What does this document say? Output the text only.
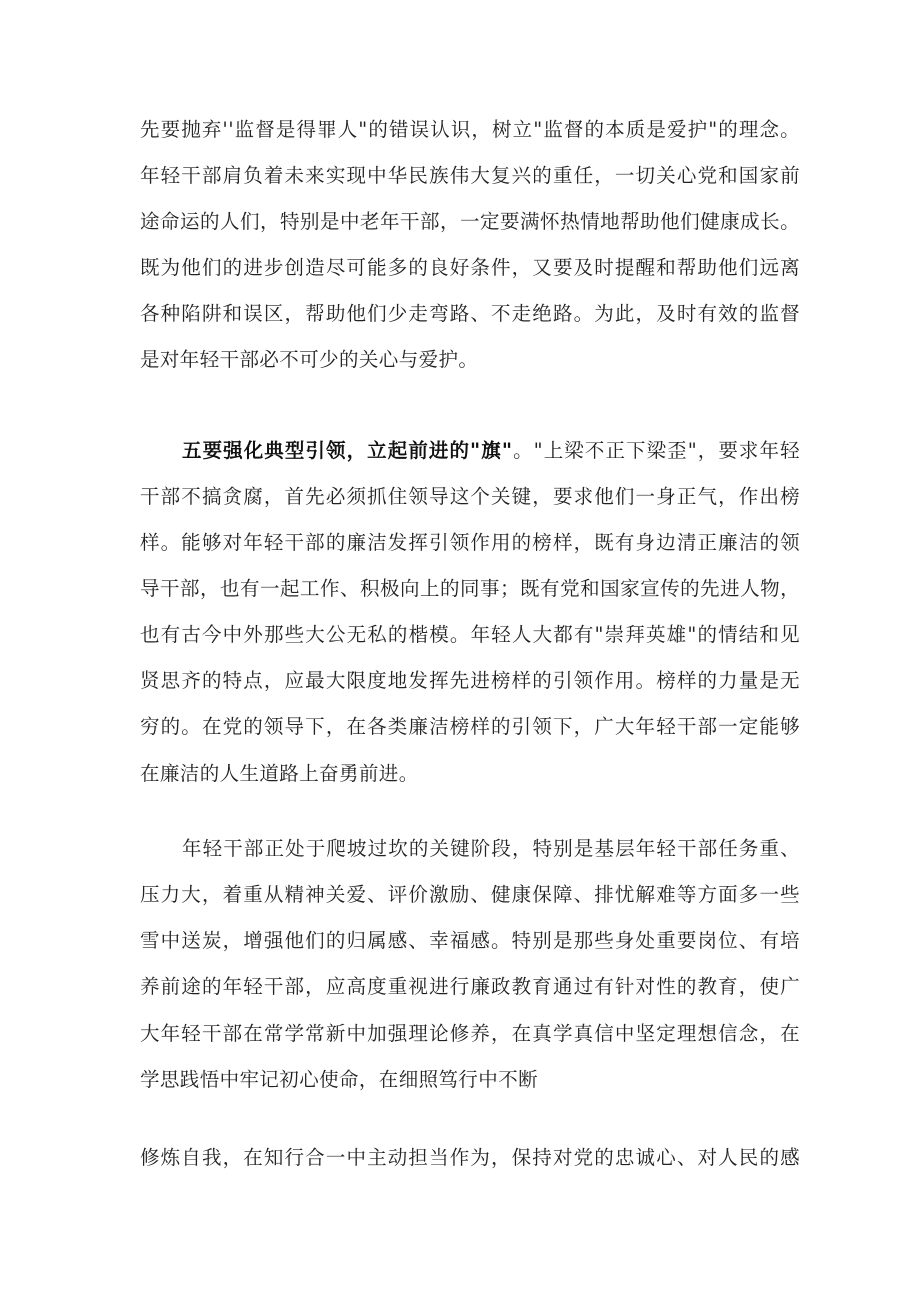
先要抛弃''监督是得罪人"的错误认识，树立"监督的本质是爱护"的理念。
年轻干部肩负着未来实现中华民族伟大复兴的重任，一切关心党和国家前
途命运的人们，特别是中老年干部，一定要满怀热情地帮助他们健康成长。
既为他们的进步创造尽可能多的良好条件，又要及时提醒和帮助他们远离
各种陷阱和误区，帮助他们少走弯路、不走绝路。为此，及时有效的监督
是对年轻干部必不可少的关心与爱护。
五要强化典型引领，立起前进的"旗"。"上梁不正下梁歪"，要求年轻
干部不搞贪腐，首先必须抓住领导这个关键，要求他们一身正气，作出榜
样。能够对年轻干部的廉洁发挥引领作用的榜样，既有身边清正廉洁的领
导干部，也有一起工作、积极向上的同事；既有党和国家宣传的先进人物，
也有古今中外那些大公无私的楷模。年轻人大都有"崇拜英雄"的情结和见
贤思齐的特点，应最大限度地发挥先进榜样的引领作用。榜样的力量是无
穷的。在党的领导下，在各类廉洁榜样的引领下，广大年轻干部一定能够
在廉洁的人生道路上奋勇前进。
年轻干部正处于爬坡过坎的关键阶段，特别是基层年轻干部任务重、
压力大，着重从精神关爱、评价激励、健康保障、排忧解难等方面多一些
雪中送炭，增强他们的归属感、幸福感。特别是那些身处重要岗位、有培
养前途的年轻干部，应高度重视进行廉政教育通过有针对性的教育，使广
大年轻干部在常学常新中加强理论修养，在真学真信中坚定理想信念，在
学思践悟中牢记初心使命，在细照笃行中不断
修炼自我，在知行合一中主动担当作为，保持对党的忠诚心、对人民的感
